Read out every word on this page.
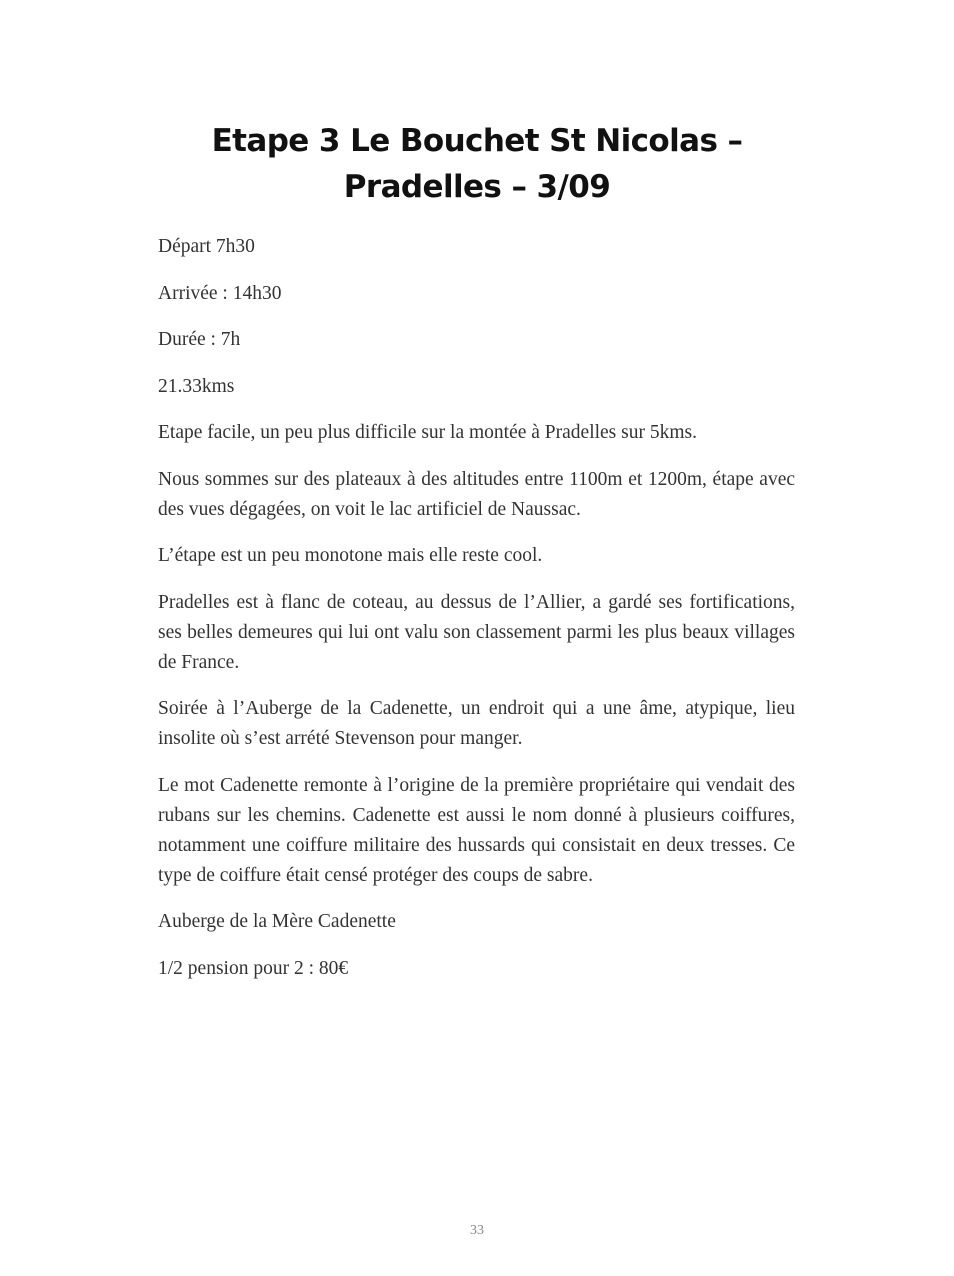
Etape 3 Le Bouchet St Nicolas –
Pradelles – 3/09

Départ 7h30

Arrivée : 14h30

Durée : 7h

21.33kms

Etape facile, un peu plus difficile sur la montée à Pradelles sur 5kms.

Nous sommes sur des plateaux à des altitudes entre 1100m et 1200m, étape avec des vues dégagées, on voit le lac artificiel de Naussac.

L’étape est un peu monotone mais elle reste cool.

Pradelles est à flanc de coteau, au dessus de l’Allier, a gardé ses fortifications, ses belles demeures qui lui ont valu son classement parmi les plus beaux villages de France.

Soirée à l’Auberge de la Cadenette, un endroit qui a une âme, atypique, lieu insolite où s’est arrété Stevenson pour manger.

Le mot Cadenette remonte à l’origine de la première propriétaire qui vendait des rubans sur les chemins. Cadenette est aussi le nom donné à plusieurs coiffures, notamment une coiffure militaire des hussards qui consistait en deux tresses. Ce type de coiffure était censé protéger des coups de sabre.

Auberge de la Mère Cadenette

1/2 pension pour 2 : 80€

33
